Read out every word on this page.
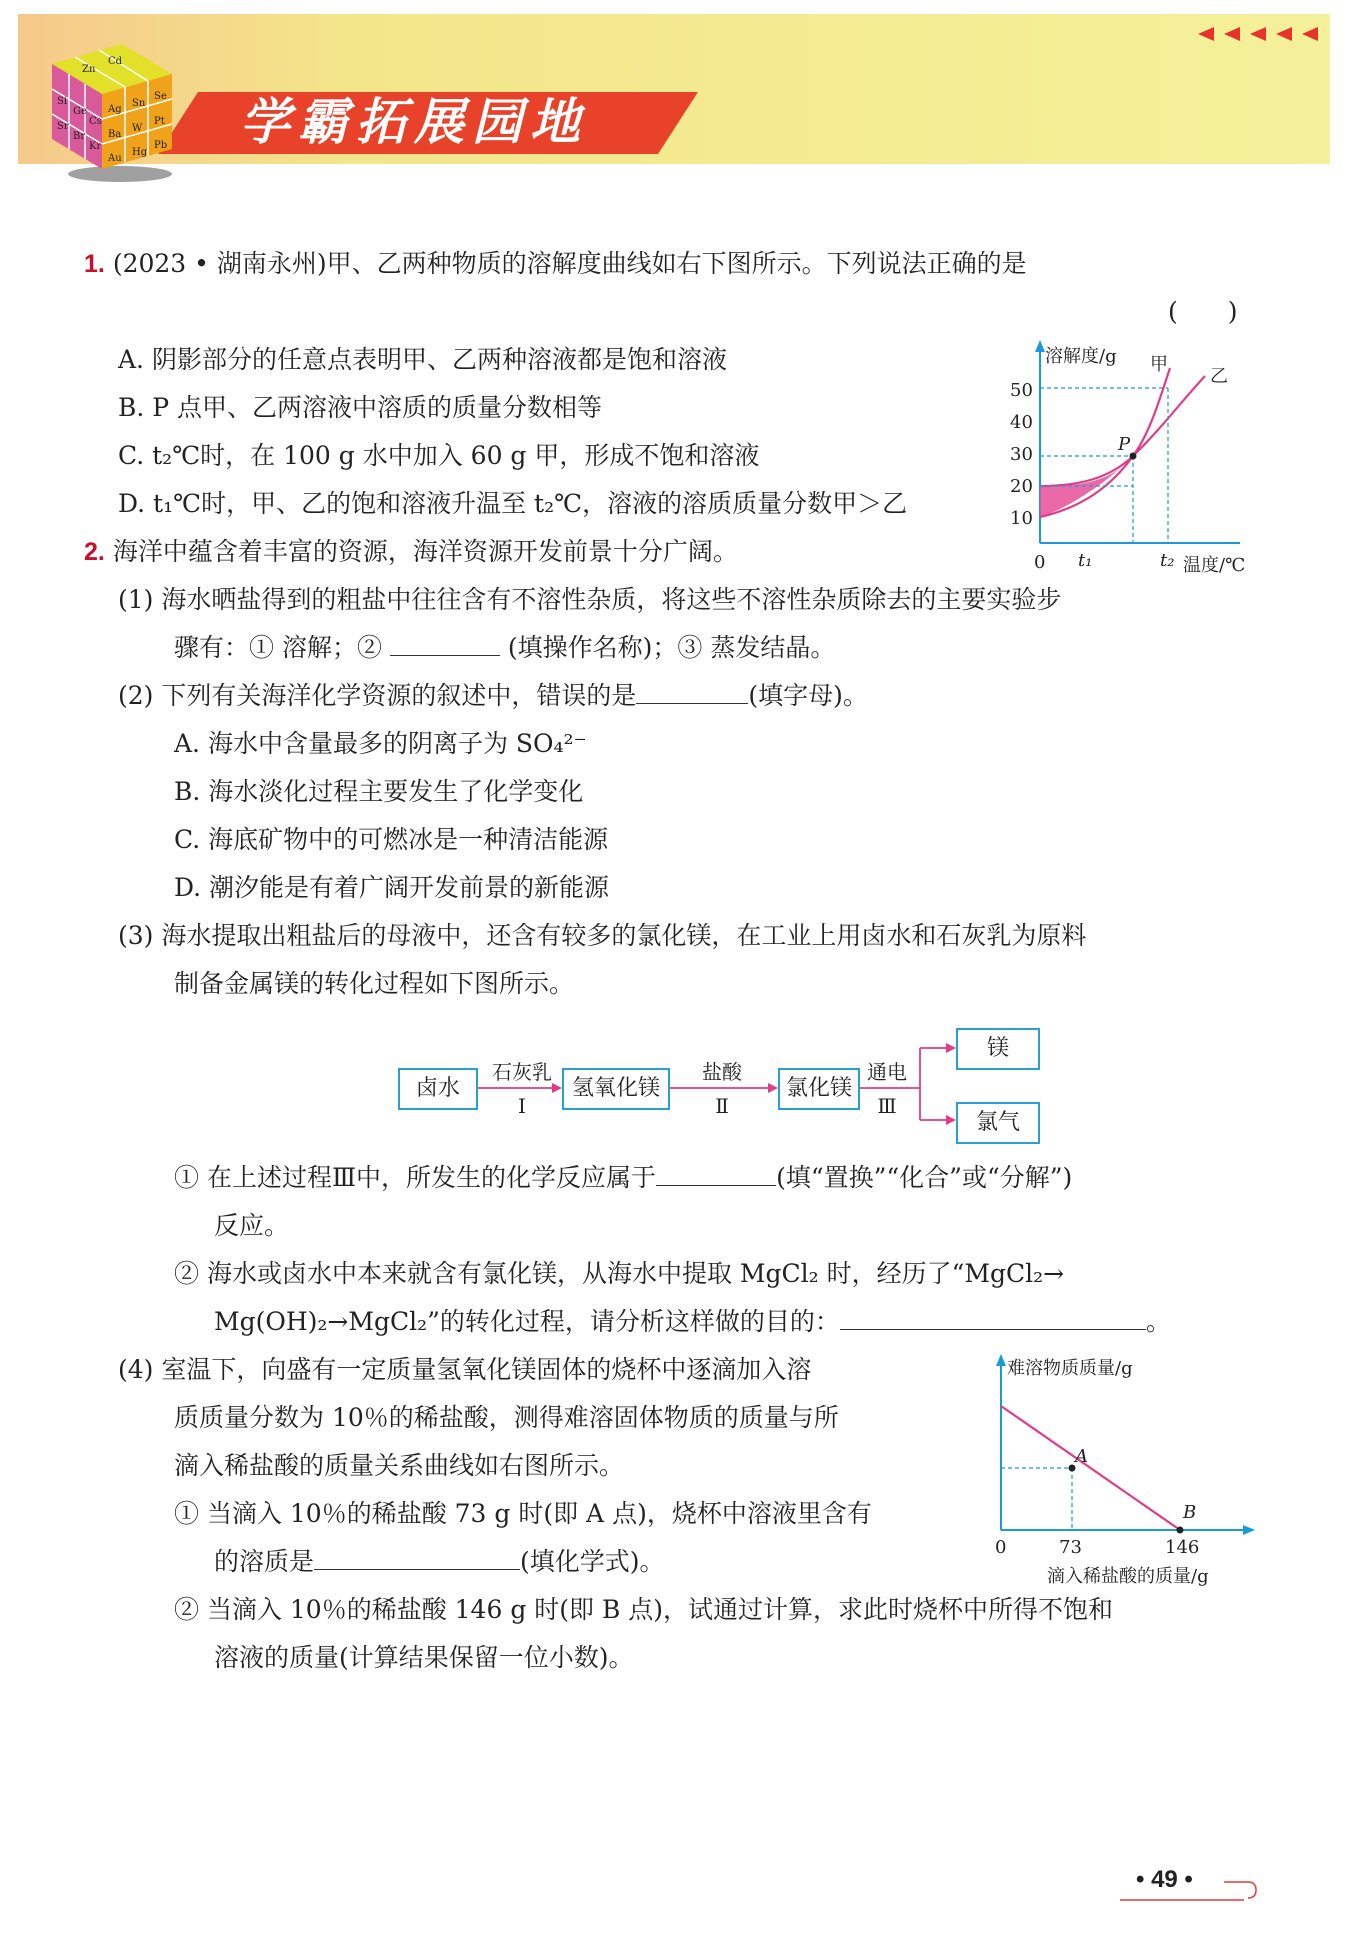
Ag
Sn
Se
Ba
W
Pt
Si
Ge
Cs
Au
Hg
Pb
Sr
Br
Kr
Zn
Cd
学霸拓展园地
1. (2023 • 湖南永州)甲、乙两种物质的溶解度曲线如右下图所示。下列说法正确的是
(　　)
A. 阴影部分的任意点表明甲、乙两种溶液都是饱和溶液
B. P 点甲、乙两溶液中溶质的质量分数相等
C. t₂℃时，在 100 g 水中加入 60 g 甲，形成不饱和溶液
D. t₁℃时，甲、乙的饱和溶液升温至 t₂℃，溶液的溶质质量分数甲＞乙
溶解度/g 甲
乙
P
50
40
30
20
10
0 t₁	t₂ 温度/℃
2. 海洋中蕴含着丰富的资源，海洋资源开发前景十分广阔。
(1) 海水晒盐得到的粗盐中往往含有不溶性杂质，将这些不溶性杂质除去的主要实验步
骤有：① 溶解；②	(填操作名称)；③ 蒸发结晶。
(2) 下列有关海洋化学资源的叙述中，错误的是	(填字母)。
A. 海水中含量最多的阴离子为 SO₄²⁻
B. 海水淡化过程主要发生了化学变化
C. 海底矿物中的可燃冰是一种清洁能源
D. 潮汐能是有着广阔开发前景的新能源
(3) 海水提取出粗盐后的母液中，还含有较多的氯化镁，在工业上用卤水和石灰乳为原料
制备金属镁的转化过程如下图所示。
卤水	氢氧化镁	氯化镁
镁
氯气
石灰乳
Ⅰ
盐酸
Ⅱ
通电
Ⅲ
① 在上述过程Ⅲ中，所发生的化学反应属于	(填“置换”“化合”或“分解”)
反应。
② 海水或卤水中本来就含有氯化镁，从海水中提取 MgCl₂ 时，经历了“MgCl₂→
Mg(OH)₂→MgCl₂”的转化过程，请分析这样做的目的：	。
(4) 室温下，向盛有一定质量氢氧化镁固体的烧杯中逐滴加入溶
质质量分数为 10％的稀盐酸，测得难溶固体物质的质量与所
滴入稀盐酸的质量关系曲线如右图所示。
① 当滴入 10％的稀盐酸 73 g 时(即 A 点)，烧杯中溶液里含有
的溶质是	(填化学式)。
② 当滴入 10％的稀盐酸 146 g 时(即 B 点)，试通过计算，求此时烧杯中所得不饱和
溶液的质量(计算结果保留一位小数)。
难溶物质质量/g
A
B
0	73	146
滴入稀盐酸的质量/g
• 49 •
